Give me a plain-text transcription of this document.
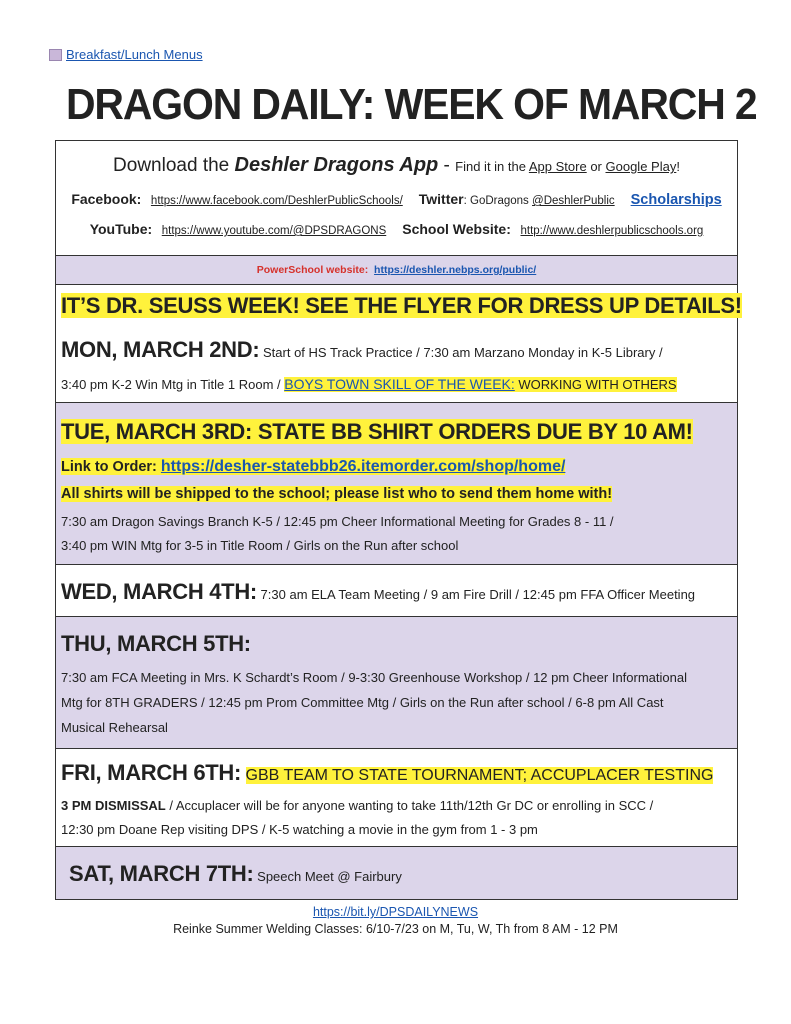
Breakfast/Lunch Menus
DRAGON DAILY: WEEK OF MARCH 2
Download the Deshler Dragons App - Find it in the App Store or Google Play!
Facebook: https://www.facebook.com/DeshlerPublicSchools/ Twitter: GoDragons @DeshlerPublic Scholarships
YouTube: https://www.youtube.com/@DPSDRAGONS School Website: http://www.deshlerpublicschools.org
PowerSchool website: https://deshler.nebps.org/public/
IT’S DR. SEUSS WEEK! SEE THE FLYER FOR DRESS UP DETAILS!
MON, MARCH 2ND: Start of HS Track Practice / 7:30 am Marzano Monday in K-5 Library /
3:40 pm K-2 Win Mtg in Title 1 Room / BOYS TOWN SKILL OF THE WEEK: WORKING WITH OTHERS
TUE, MARCH 3RD: STATE BB SHIRT ORDERS DUE BY 10 AM!
Link to Order: https://desher-statebbb26.itemorder.com/shop/home/
All shirts will be shipped to the school; please list who to send them home with!
7:30 am Dragon Savings Branch K-5 / 12:45 pm Cheer Informational Meeting for Grades 8 - 11 /
3:40 pm WIN Mtg for 3-5 in Title Room / Girls on the Run after school
WED, MARCH 4TH: 7:30 am ELA Team Meeting / 9 am Fire Drill / 12:45 pm FFA Officer Meeting
THU, MARCH 5TH:
7:30 am FCA Meeting in Mrs. K Schardt’s Room / 9-3:30 Greenhouse Workshop / 12 pm Cheer Informational
Mtg for 8TH GRADERS / 12:45 pm Prom Committee Mtg / Girls on the Run after school / 6-8 pm All Cast
Musical Rehearsal
FRI, MARCH 6TH: GBB TEAM TO STATE TOURNAMENT; ACCUPLACER TESTING
3 PM DISMISSAL / Accuplacer will be for anyone wanting to take 11th/12th Gr DC or enrolling in SCC /
12:30 pm Doane Rep visiting DPS / K-5 watching a movie in the gym from 1 - 3 pm
SAT, MARCH 7TH: Speech Meet @ Fairbury
https://bit.ly/DPSDAILYNEWS
Reinke Summer Welding Classes: 6/10-7/23 on M, Tu, W, Th from 8 AM - 12 PM
